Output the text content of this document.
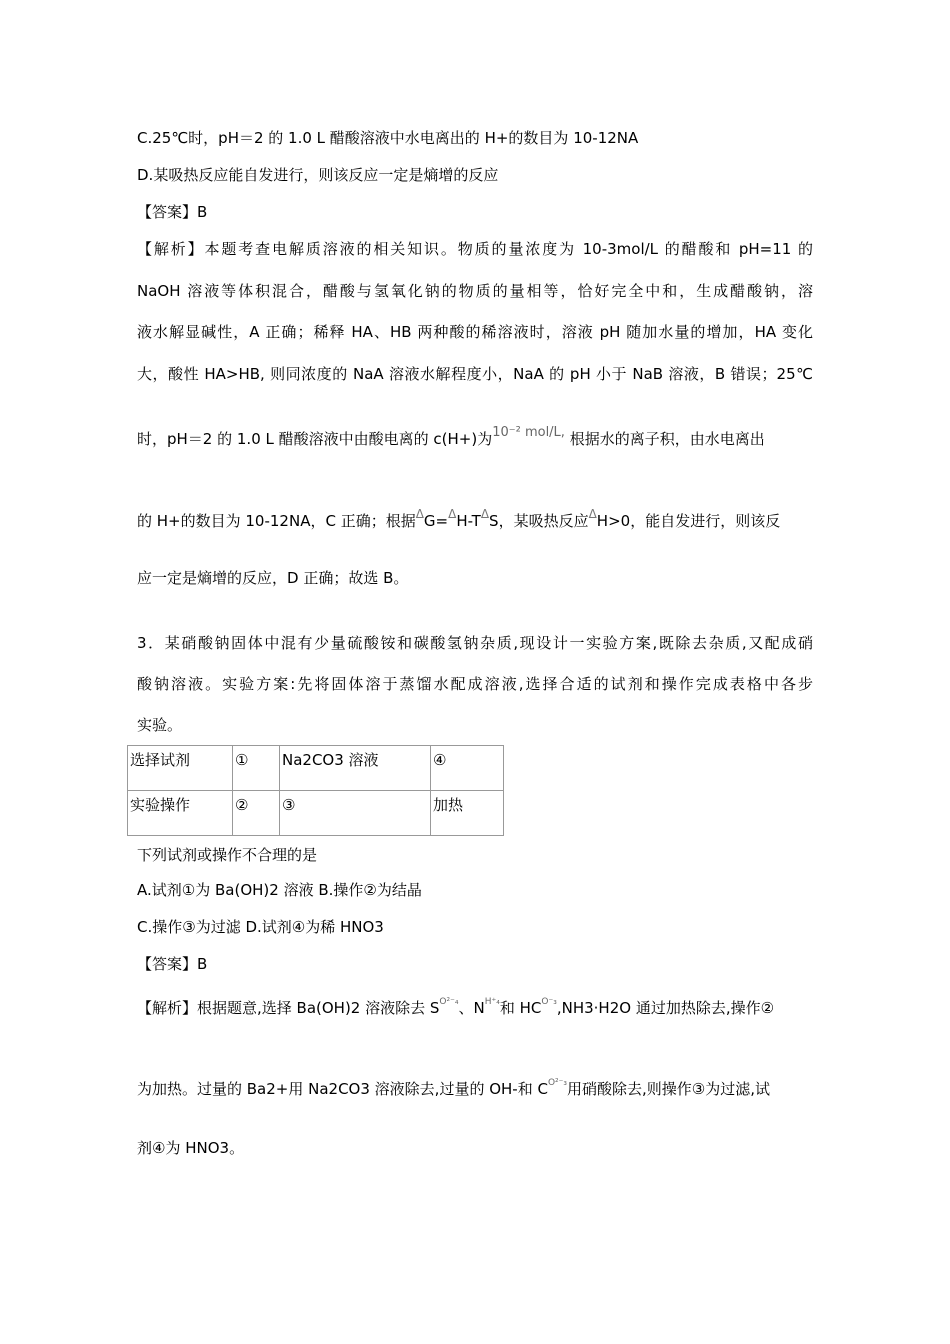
C.25℃时，pH＝2 的 1.0 L 醋酸溶液中水电离出的 H+的数目为 10-12NA
D.某吸热反应能自发进行，则该反应一定是熵增的反应
【答案】B
【解析】本题考查电解质溶液的相关知识。物质的量浓度为 10-3mol/L 的醋酸和 pH=11 的
NaOH 溶液等体积混合，醋酸与氢氧化钠的物质的量相等，恰好完全中和，生成醋酸钠，溶
液水解显碱性，A 正确；稀释 HA、HB 两种酸的稀溶液时，溶液 pH 随加水量的增加，HA 变化
大，酸性 HA>HB, 则同浓度的 NaA 溶液水解程度小，NaA 的 pH 小于 NaB 溶液，B 错误；25℃
时，pH＝2 的 1.0 L 醋酸溶液中由酸电离的 c(H+)为10⁻² mol/L, 根据水的离子积，由水电离出
的 H+的数目为 10-12NA，C 正确；根据$^\Delta G=^\Delta H-T^\Delta S$，某吸热反应$^\Delta$H>0，能自发进行，则该反
应一定是熵增的反应，D 正确；故选 B。
3．某硝酸钠固体中混有少量硫酸铵和碳酸氢钠杂质,现设计一实验方案,既除去杂质,又配成硝
酸钠溶液。实验方案:先将固体溶于蒸馏水配成溶液,选择合适的试剂和操作完成表格中各步
实验。
选择试剂	①	Na2CO3 溶液	④
实验操作	②	③	加热
下列试剂或操作不合理的是
A.试剂①为 Ba(OH)2 溶液 B.操作②为结晶
C.操作③为过滤 D.试剂④为稀 HNO3
【答案】B
【解析】根据题意,选择 Ba(OH)2 溶液除去 $S^{O^{2-}_4}$、$N^{H^+_4}$和 $HC^{O^-_3},NH3\cdot H2O$ 通过加热除去,操作②
为加热。过量的 Ba2+用 Na2CO3 溶液除去,过量的 OH-和 $C^{O^{2-}_3}$用硝酸除去,则操作③为过滤,试
剂④为 HNO3。
